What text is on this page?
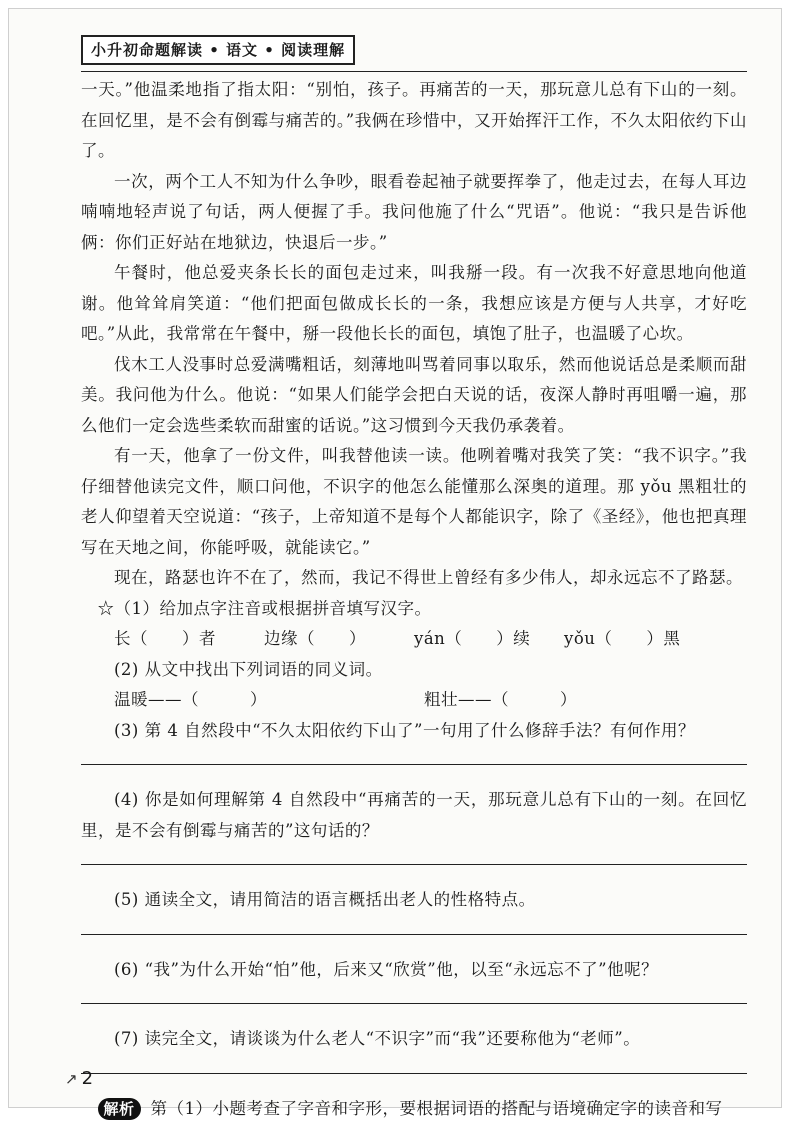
小升初命题解读 • 语文 • 阅读理解

一天。”他温柔地指了指太阳：“别怕，孩子。再痛苦的一天，那玩意儿总有下山的一刻。在回忆里，是不会有倒霉与痛苦的。”我俩在珍惜中，又开始挥汗工作，不久太阳依约下山了。

一次，两个工人不知为什么争吵，眼看卷起袖子就要挥拳了，他走过去，在每人耳边喃喃地轻声说了句话，两人便握了手。我问他施了什么“咒语”。他说：“我只是告诉他俩：你们正好站在地狱边，快退后一步。”

午餐时，他总爱夹条长长的面包走过来，叫我掰一段。有一次我不好意思地向他道谢。他耸耸肩笑道：“他们把面包做成长长的一条，我想应该是方便与人共享，才好吃吧。”从此，我常常在午餐中，掰一段他长长的面包，填饱了肚子，也温暖了心坎。

伐木工人没事时总爱满嘴粗话，刻薄地叫骂着同事以取乐，然而他说话总是柔顺而甜美。我问他为什么。他说：“如果人们能学会把白天说的话，夜深人静时再咀嚼一遍，那么他们一定会选些柔软而甜蜜的话说。”这习惯到今天我仍承袭着。

有一天，他拿了一份文件，叫我替他读一读。他咧着嘴对我笑了笑：“我不识字。”我仔细替他读完文件，顺口问他，不识字的他怎么能懂那么深奥的道理。那 yǒu 黑粗壮的老人仰望着天空说道：“孩子，上帝知道不是每个人都能识字，除了《圣经》，他也把真理写在天地之间，你能呼吸，就能读它。”

现在，路瑟也许不在了，然而，我记不得世上曾经有多少伟人，却永远忘不了路瑟。

☆（1）给加点字注音或根据拼音填写汉字。

长（　　）者	边缘（　　）	yán（　　）续	yǒu（　　）黑

(2) 从文中找出下列词语的同义词。

温暖——（　　　）	粗壮——（　　　）

(3) 第 4 自然段中“不久太阳依约下山了”一句用了什么修辞手法？有何作用？

(4) 你是如何理解第 4 自然段中“再痛苦的一天，那玩意儿总有下山的一刻。在回忆里，是不会有倒霉与痛苦的”这句话的？

(5) 通读全文，请用简洁的语言概括出老人的性格特点。

(6) “我”为什么开始“怕”他，后来又“欣赏”他，以至“永远忘不了”他呢？

(7) 读完全文，请谈谈为什么老人“不识字”而“我”还要称他为“老师”。

解析 第（1）小题考查了字音和字形，要根据词语的搭配与语境确定字的读音和写

↗ 2
